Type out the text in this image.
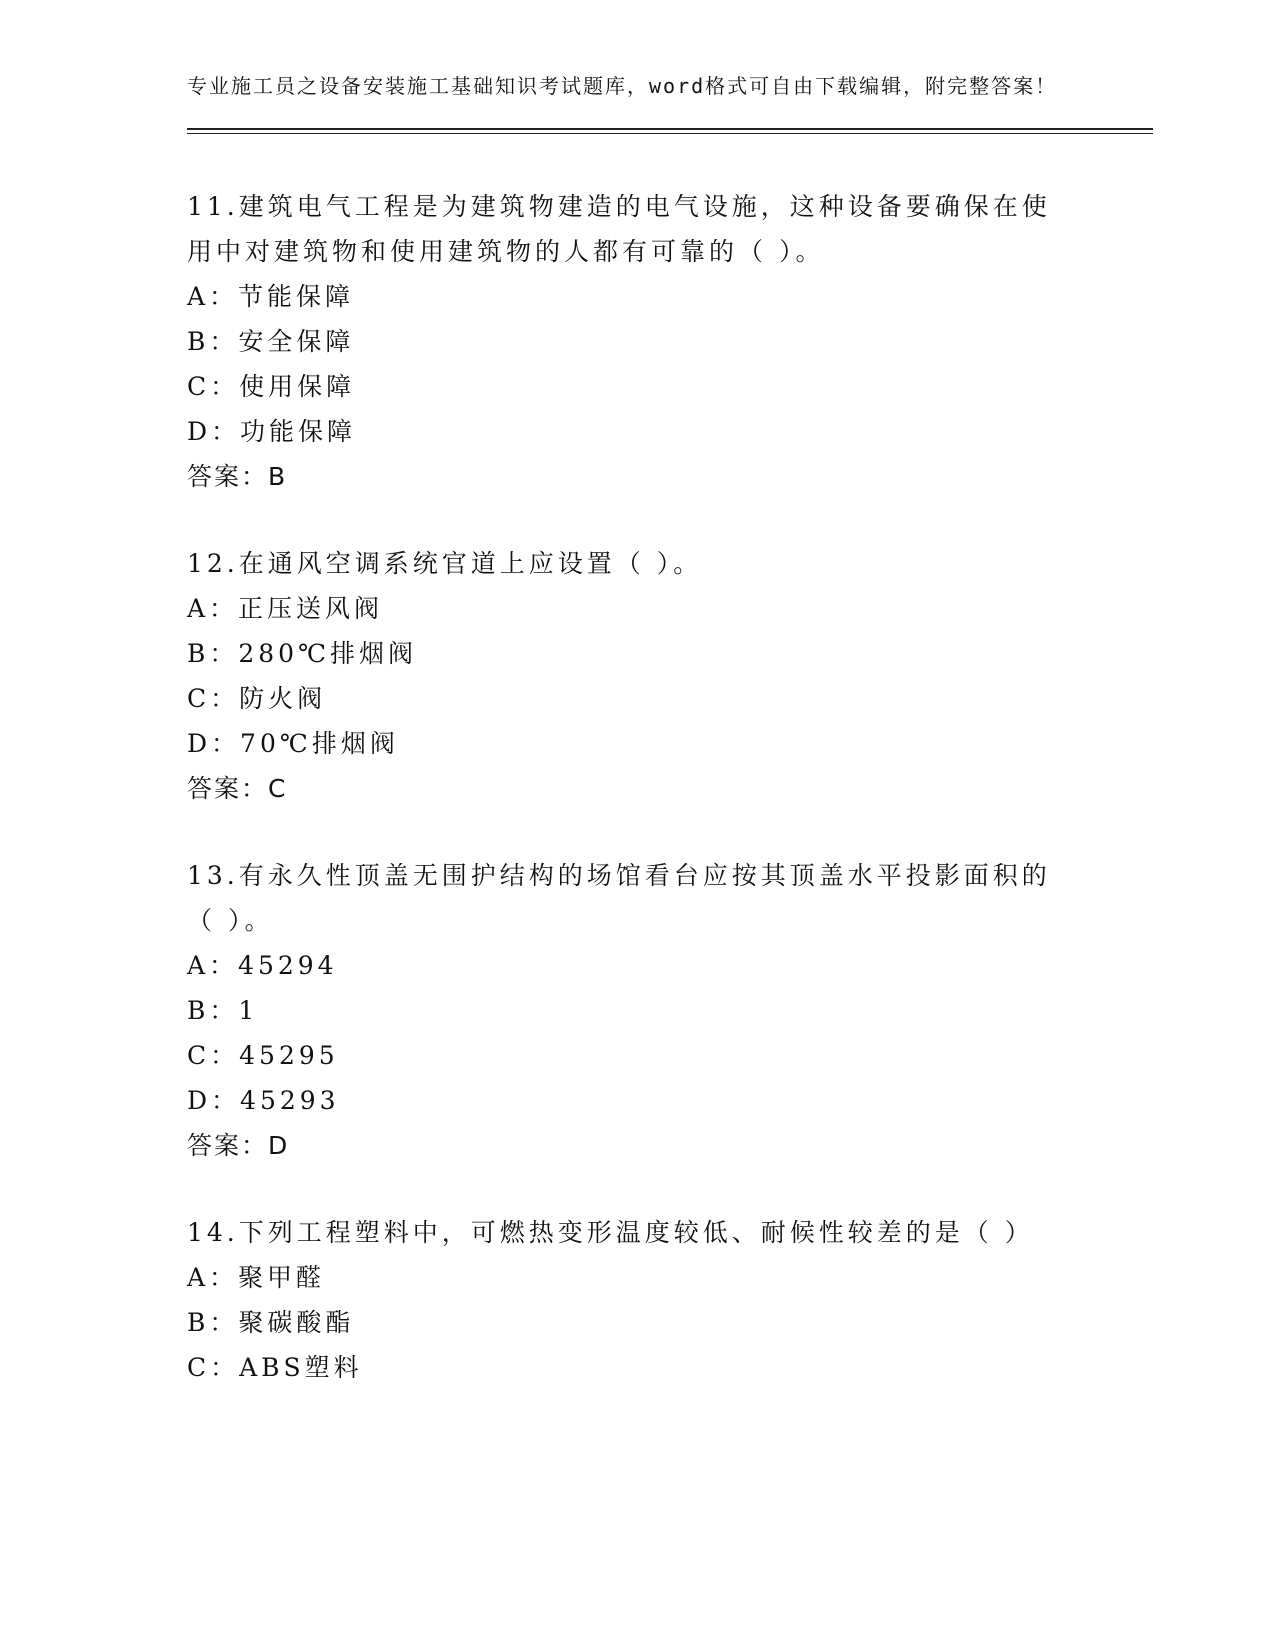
专业施工员之设备安装施工基础知识考试题库，word格式可自由下载编辑，附完整答案！

11.建筑电气工程是为建筑物建造的电气设施，这种设备要确保在使用中对建筑物和使用建筑物的人都有可靠的（ ）。

A：节能保障

B：安全保障

C：使用保障

D：功能保障

答案：B

12.在通风空调系统官道上应设置（ ）。

A：正压送风阀

B：280℃排烟阀

C：防火阀

D：70℃排烟阀

答案：C

13.有永久性顶盖无围护结构的场馆看台应按其顶盖水平投影面积的（ ）。

A：45294

B：1

C：45295

D：45293

答案：D

14.下列工程塑料中，可燃热变形温度较低、耐候性较差的是（ ）

A：聚甲醛

B：聚碳酸酯

C：ABS塑料
